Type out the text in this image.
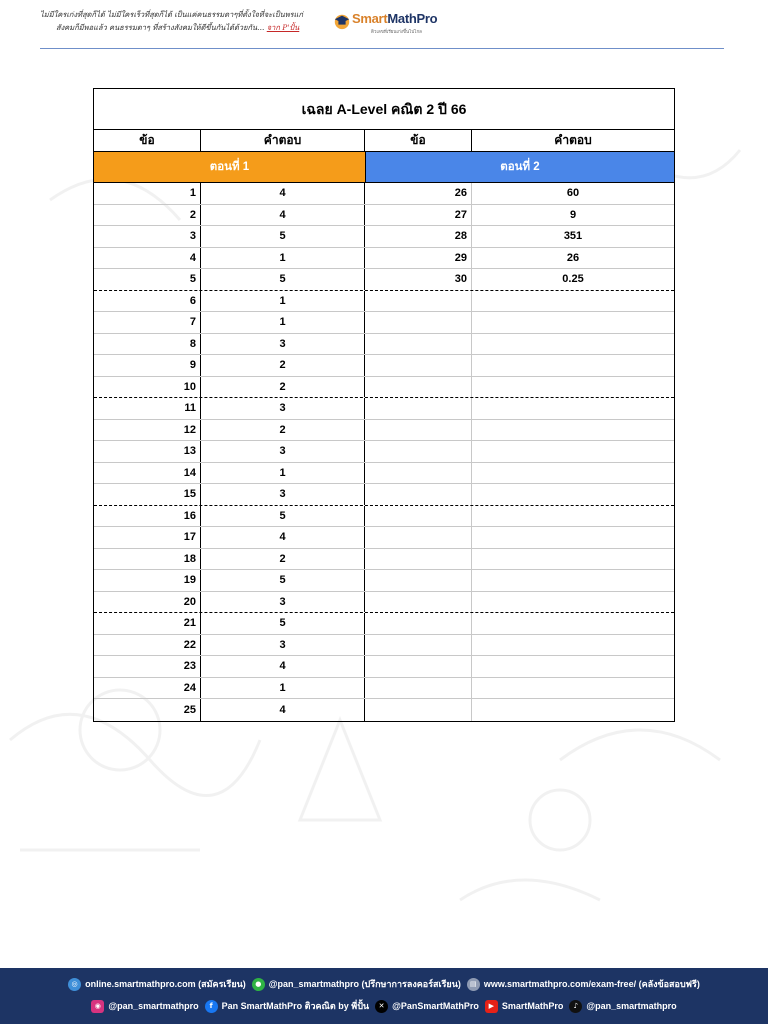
ไม่มีใครเก่งที่สุดก็ได้ ไม่มีใครเร็วที่สุดก็ได้ เป็นแค่คนธรรมดาๆที่ตั้งใจที่จะเป็นพรแก่
สังคมก็มีพอแล้ว คนธรรมดาๆ ที่สร้างสังคมให้ดีขึ้นกันได้ด้วยกัน... จาก P'ปั้น
SmartMathPro
ติวเลขที่เรียนเก่งขึ้นไปไกล
เฉลย A-Level คณิต 2 ปี 66
ข้อ	คำตอบ	ข้อ	คำตอบ
ตอนที่ 1	ตอนที่ 2
1	4	26	60
2	4	27	9
3	5	28	351
4	1	29	26
5	5	30	0.25
6	1
7	1
8	3
9	2
10	2
11	3
12	2
13	3
14	1
15	3
16	5
17	4
18	2
19	5
20	3
21	5
22	3
23	4
24	1
25	4
◎ online.smartmathpro.com (สมัครเรียน)	● @pan_smartmathpro (ปรึกษาการลงคอร์สเรียน)	▤ www.smartmathpro.com/exam-free/ (คลังข้อสอบฟรี)
◉ @pan_smartmathpro	f Pan SmartMathPro ติวคณิต by พี่ปั้น	✕ @PanSmartMathPro	▶ SmartMathPro	♪ @pan_smartmathpro
